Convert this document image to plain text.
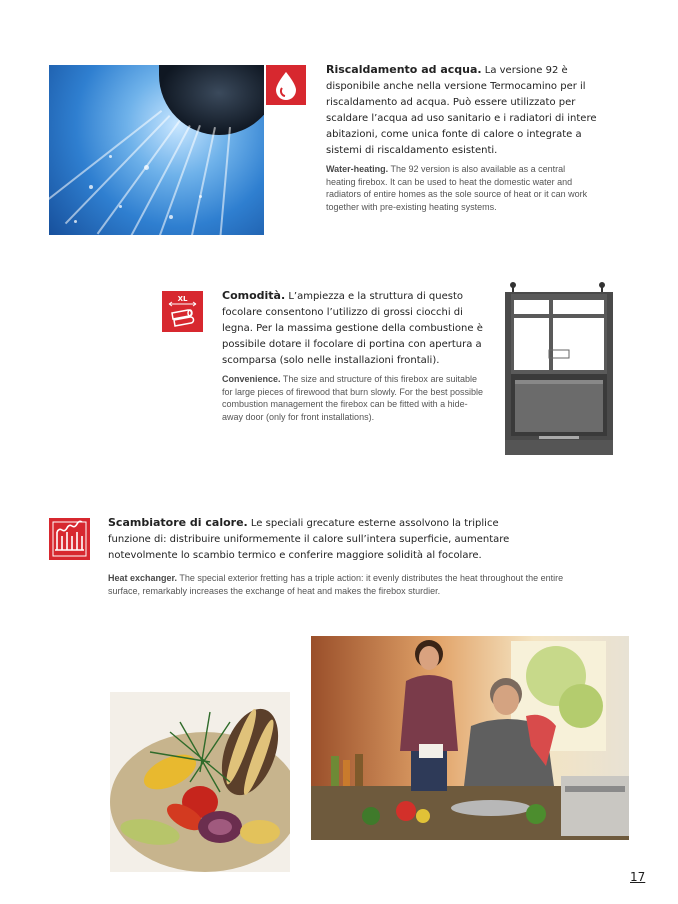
Riscaldamento ad acqua. La versione 92 è disponibile anche nella versione Termocamino per il riscaldamento ad acqua. Può essere utilizzato per scaldare l’acqua ad uso sanitario e i radiatori di intere abitazioni, come unica fonte di calore o integrate a sistemi di riscaldamento esistenti.
Water-heating. The 92 version is also available as a central heating firebox. It can be used to heat the domestic water and radiators of entire homes as the sole source of heat or it can work together with pre-existing heating systems.
XL	Comodità. L’ampiezza e la struttura di questo focolare consentono l’utilizzo di grossi ciocchi di legna. Per la massima gestione della combustione è possibile dotare il focolare di portina con apertura a scomparsa (solo nelle installazioni frontali).
Convenience. The size and structure of this firebox are suitable for large pieces of firewood that burn slowly. For the best possible combustion management the firebox can be fitted with a hide-away door (only for front installations).
Scambiatore di calore. Le speciali grecature esterne assolvono la triplice funzione di: distribuire uniformemente il calore sull’intera superficie, aumentare notevolmente lo scambio termico e conferire maggiore solidità al focolare.
Heat exchanger. The special exterior fretting has a triple action: it evenly distributes the heat throughout the entire surface, remarkably increases the exchange of heat and makes the firebox sturdier.
17
